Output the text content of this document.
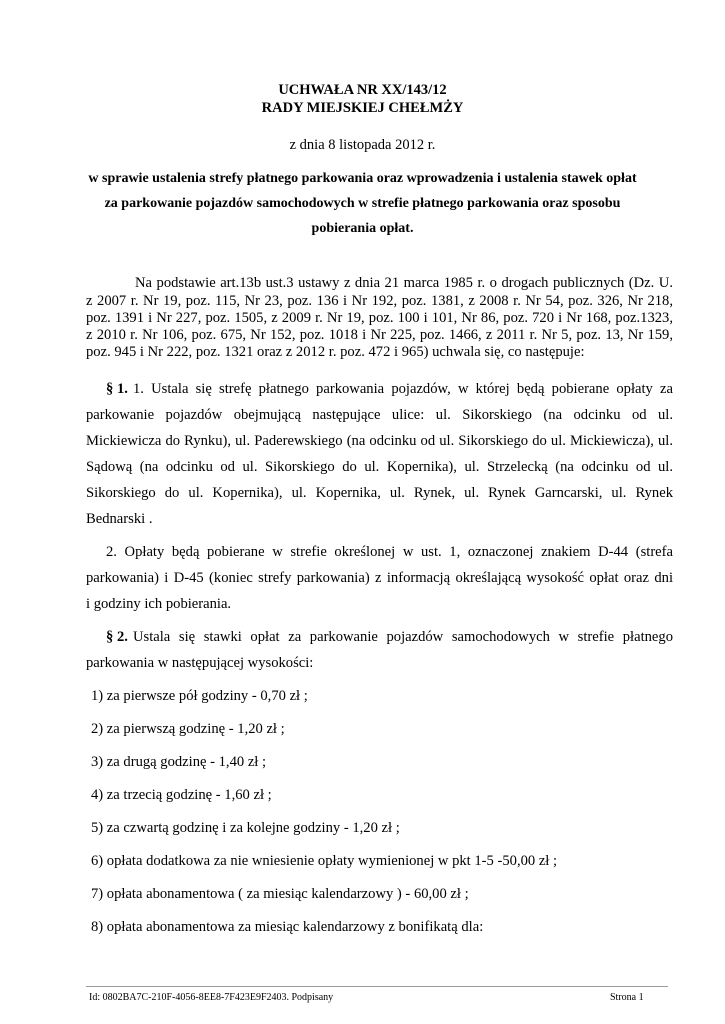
UCHWAŁA NR XX/143/12
RADY MIEJSKIEJ CHEŁMŻY
z dnia 8 listopada 2012 r.
w sprawie ustalenia strefy płatnego parkowania oraz wprowadzenia i ustalenia stawek opłat
za parkowanie pojazdów samochodowych w strefie płatnego parkowania oraz sposobu
pobierania opłat.
Na podstawie art.13b ust.3 ustawy z dnia 21 marca 1985 r. o drogach publicznych (Dz. U.
z 2007 r. Nr 19, poz. 115, Nr 23, poz. 136 i Nr 192, poz. 1381, z 2008 r. Nr 54, poz. 326, Nr 218,
poz. 1391 i Nr 227, poz. 1505, z 2009 r. Nr 19, poz. 100 i 101, Nr 86, poz. 720 i Nr 168, poz.1323,
z 2010 r. Nr 106, poz. 675, Nr 152, poz. 1018 i Nr 225, poz. 1466, z 2011 r. Nr 5, poz. 13, Nr 159,
poz. 945 i Nr 222, poz. 1321 oraz z 2012 r. poz. 472 i 965) uchwala się, co następuje:
§ 1. 1. Ustala się strefę płatnego parkowania pojazdów, w której będą pobierane opłaty za
parkowanie pojazdów obejmującą następujące ulice: ul. Sikorskiego (na odcinku od ul.
Mickiewicza do Rynku), ul. Paderewskiego (na odcinku od ul. Sikorskiego do ul. Mickiewicza), ul.
Sądową (na odcinku od ul. Sikorskiego do ul. Kopernika), ul. Strzelecką (na odcinku od ul.
Sikorskiego do ul. Kopernika), ul. Kopernika, ul. Rynek, ul. Rynek Garncarski, ul. Rynek
Bednarski .
2. Opłaty będą pobierane w strefie określonej w ust. 1, oznaczonej znakiem D-44 (strefa
parkowania) i D-45 (koniec strefy parkowania) z informacją określającą wysokość opłat oraz dni
i godziny ich pobierania.
§ 2. Ustala się stawki opłat za parkowanie pojazdów samochodowych w strefie płatnego
parkowania w następującej wysokości:
1) za pierwsze pół godziny - 0,70 zł ;
2) za pierwszą godzinę - 1,20 zł ;
3) za drugą godzinę - 1,40 zł ;
4) za trzecią godzinę - 1,60 zł ;
5) za czwartą godzinę i za kolejne godziny - 1,20 zł ;
6) opłata dodatkowa za nie wniesienie opłaty wymienionej w pkt 1-5 -50,00 zł ;
7) opłata abonamentowa ( za miesiąc kalendarzowy ) - 60,00 zł ;
8) opłata abonamentowa za miesiąc kalendarzowy z bonifikatą dla:
Id: 0802BA7C-210F-4056-8EE8-7F423E9F2403. Podpisany	Strona 1
